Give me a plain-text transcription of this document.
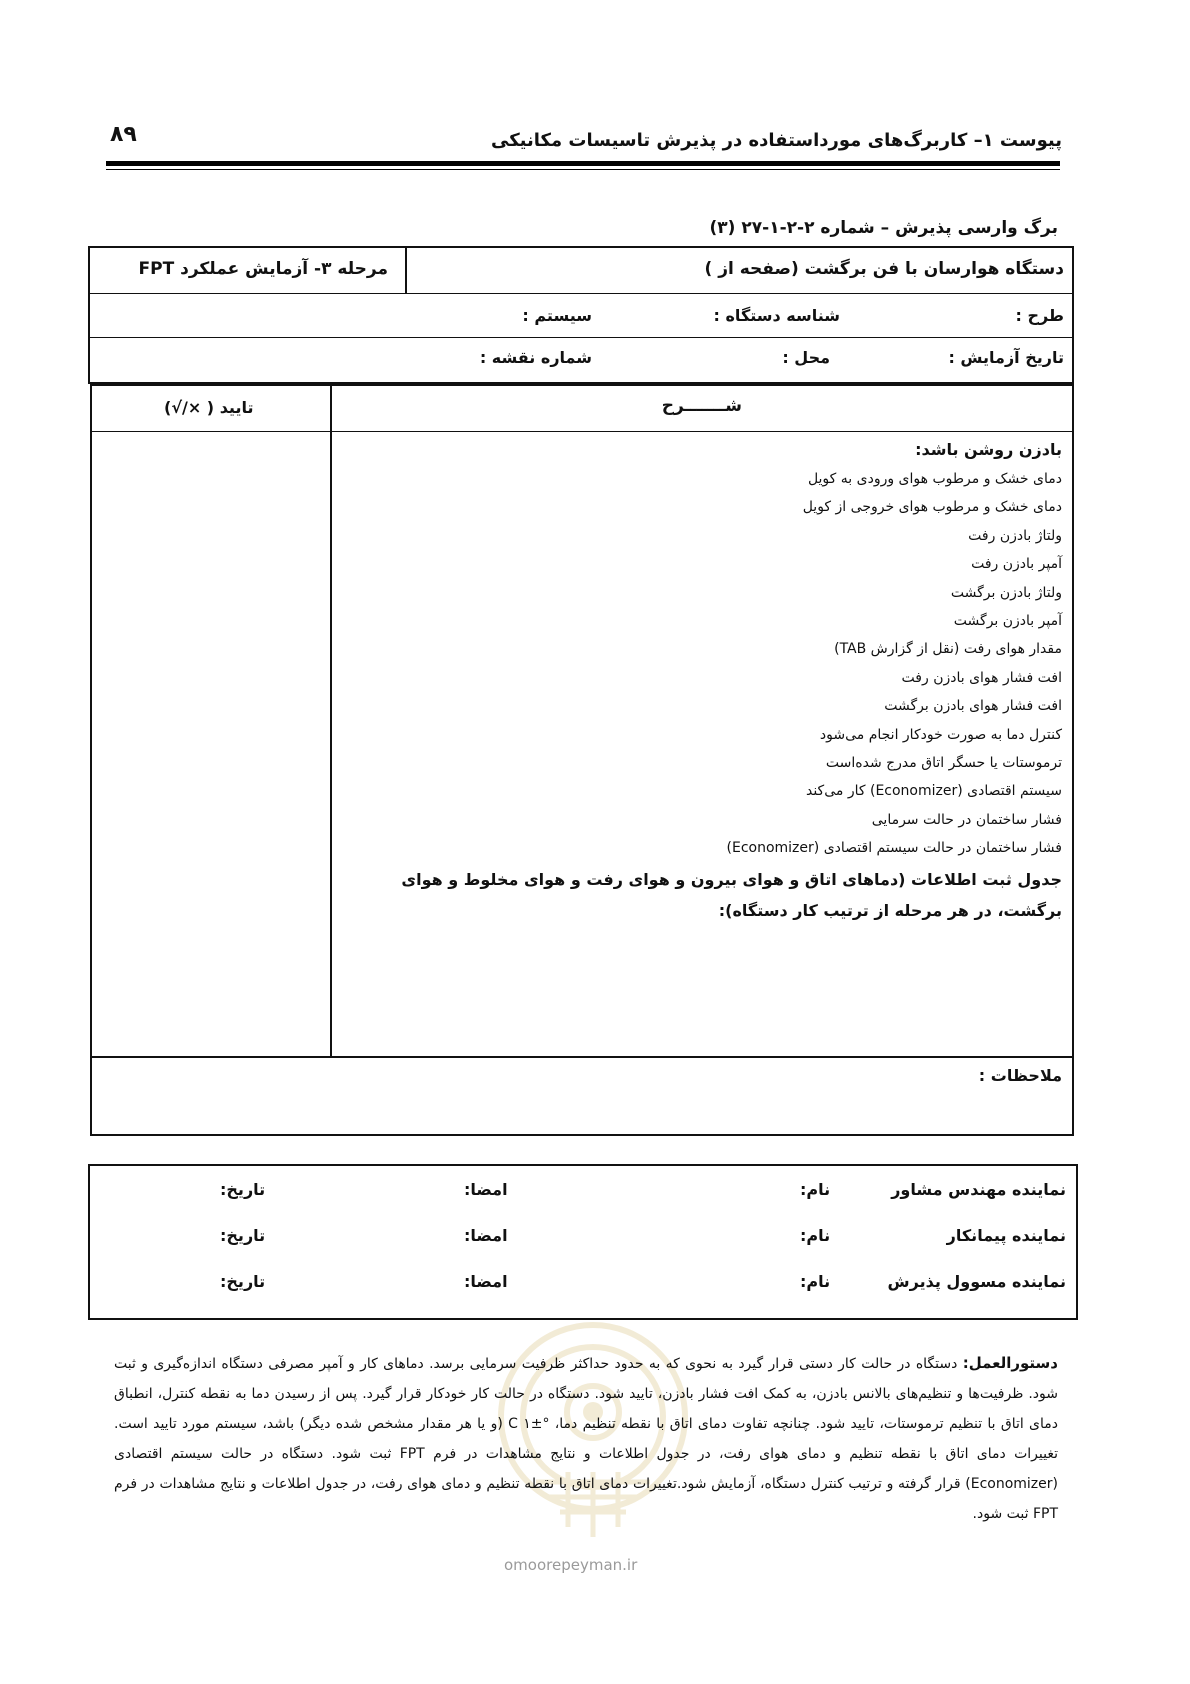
۸۹	پیوست ۱– کاربرگ‌های مورداستفاده در پذیرش تاسیسات مکانیکی
برگ وارسی پذیرش – شماره ۲-۲-۱-۲۷ (۳)
دستگاه هوارسان با فن برگشت (صفحه از )
مرحله ۳- آزمایش عملکرد FPT
طرح :
شناسه دستگاه :
سیستم :
تاریخ آزمایش :
محل :
شماره نقشه :
شـــــــرح
تایید ( ×/√)
بادزن روشن باشد:
دمای خشک و مرطوب هوای ورودی به کویل
دمای خشک و مرطوب هوای خروجی از کویل
ولتاژ بادزن رفت
آمپر بادزن رفت
ولتاژ بادزن برگشت
آمپر بادزن برگشت
مقدار هوای رفت (نقل از گزارش TAB)
افت فشار هوای بادزن رفت
افت فشار هوای بادزن برگشت
کنترل دما به صورت خودکار انجام می‌شود
ترموستات یا حسگر اتاق مدرج شده‌است
سیستم اقتصادی (Economizer) کار می‌کند
فشار ساختمان در حالت سرمایی
فشار ساختمان در حالت سیستم اقتصادی (Economizer)
جدول ثبت اطلاعات (دماهای اتاق و هوای بیرون و هوای رفت و هوای مخلوط و هوای برگشت، در هر مرحله از ترتیب کار دستگاه):
ملاحظات :
نماینده مهندس مشاور
نام:
امضا:
تاریخ:
نماینده پیمانکار
نام:
امضا:
تاریخ:
نماینده مسوول پذیرش
نام:
امضا:
تاریخ:
omoorepeyman.ir
دستورالعمل: دستگاه در حالت کار دستی قرار گیرد به نحوی که به حدود حداکثر ظرفیت سرمایی برسد. دماهای کار و آمپر مصرفی دستگاه اندازه‌گیری و ثبت شود. ظرفیت‌ها و تنظیم‌های بالانس بادزن، به کمک افت فشار بادزن، تایید شود. دستگاه در حالت کار خودکار قرار گیرد. پس از رسیدن دما به نقطه کنترل، انطباق دمای اتاق با تنظیم ترموستات، تایید شود. چنانچه تفاوت دمای اتاق با نقطه تنظیم دما، °C ۱± (و یا هر مقدار مشخص شده دیگر) باشد، سیستم مورد تایید است. تغییرات دمای اتاق با نقطه تنظیم و دمای هوای رفت، در جدول اطلاعات و نتایج مشاهدات در فرم FPT ثبت شود. دستگاه در حالت سیستم اقتصادی (Economizer) قرار گرفته و ترتیب کنترل دستگاه، آزمایش شود.تغییرات دمای اتاق با نقطه تنظیم و دمای هوای رفت، در جدول اطلاعات و نتایج مشاهدات در فرم FPT ثبت شود.
